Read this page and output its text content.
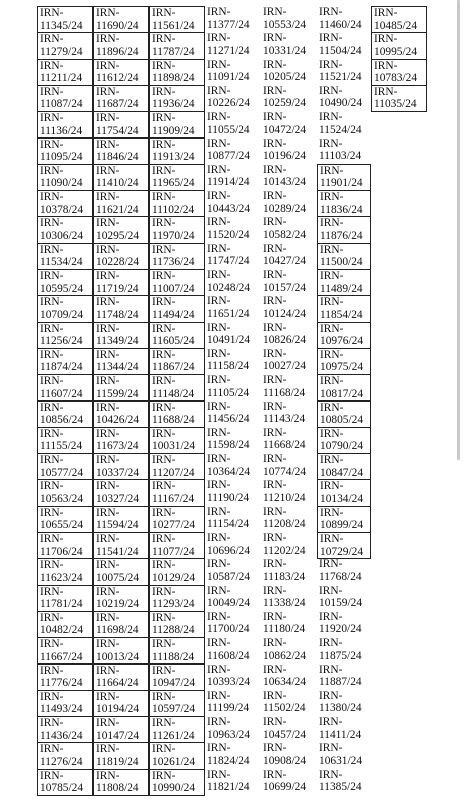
IRN-
11345/24
IRN-
11279/24
IRN-
11211/24
IRN-
11087/24
IRN-
11136/24
IRN-
11095/24
IRN-
11090/24
IRN-
10378/24
IRN-
10306/24
IRN-
11534/24
IRN-
10595/24
IRN-
10709/24
IRN-
11256/24
IRN-
11874/24
IRN-
11607/24
IRN-
10856/24
IRN-
11155/24
IRN-
10577/24
IRN-
10563/24
IRN-
10655/24
IRN-
11706/24
IRN-
11623/24
IRN-
11781/24
IRN-
10482/24
IRN-
11667/24
IRN-
11776/24
IRN-
11493/24
IRN-
11436/24
IRN-
11276/24
IRN-
10785/24
IRN-
11690/24
IRN-
11896/24
IRN-
11612/24
IRN-
11687/24
IRN-
11754/24
IRN-
11846/24
IRN-
11410/24
IRN-
11621/24
IRN-
10295/24
IRN-
10228/24
IRN-
11719/24
IRN-
11748/24
IRN-
11349/24
IRN-
11344/24
IRN-
11599/24
IRN-
10426/24
IRN-
11673/24
IRN-
10337/24
IRN-
10327/24
IRN-
11594/24
IRN-
11541/24
IRN-
10075/24
IRN-
10219/24
IRN-
11698/24
IRN-
10013/24
IRN-
11664/24
IRN-
10194/24
IRN-
10147/24
IRN-
11819/24
IRN-
11808/24
IRN-
11561/24
IRN-
11787/24
IRN-
11898/24
IRN-
11936/24
IRN-
11909/24
IRN-
11913/24
IRN-
11965/24
IRN-
11102/24
IRN-
11970/24
IRN-
11736/24
IRN-
11007/24
IRN-
11494/24
IRN-
11605/24
IRN-
11867/24
IRN-
11148/24
IRN-
11688/24
IRN-
10031/24
IRN-
11207/24
IRN-
11167/24
IRN-
10277/24
IRN-
11077/24
IRN-
10129/24
IRN-
11293/24
IRN-
11288/24
IRN-
11188/24
IRN-
10947/24
IRN-
10597/24
IRN-
11261/24
IRN-
10261/24
IRN-
10990/24
IRN-
11377/24
IRN-
11271/24
IRN-
11091/24
IRN-
10226/24
IRN-
11055/24
IRN-
10877/24
IRN-
11914/24
IRN-
10443/24
IRN-
11520/24
IRN-
11747/24
IRN-
10248/24
IRN-
11651/24
IRN-
10491/24
IRN-
11158/24
IRN-
11105/24
IRN-
11456/24
IRN-
11598/24
IRN-
10364/24
IRN-
11190/24
IRN-
11154/24
IRN-
10696/24
IRN-
10587/24
IRN-
10049/24
IRN-
11700/24
IRN-
11608/24
IRN-
10393/24
IRN-
11199/24
IRN-
10963/24
IRN-
11824/24
IRN-
11821/24
IRN-
10553/24
IRN-
10331/24
IRN-
10205/24
IRN-
10259/24
IRN-
10472/24
IRN-
10196/24
IRN-
10143/24
IRN-
10289/24
IRN-
10582/24
IRN-
10427/24
IRN-
10157/24
IRN-
10124/24
IRN-
10826/24
IRN-
10027/24
IRN-
11168/24
IRN-
11143/24
IRN-
11668/24
IRN-
10774/24
IRN-
11210/24
IRN-
11208/24
IRN-
11202/24
IRN-
11183/24
IRN-
11338/24
IRN-
11180/24
IRN-
10862/24
IRN-
10634/24
IRN-
11502/24
IRN-
10457/24
IRN-
10908/24
IRN-
10699/24
IRN-
11460/24
IRN-
11504/24
IRN-
11521/24
IRN-
10490/24
IRN-
11524/24
IRN-
11103/24
IRN-
11901/24
IRN-
11836/24
IRN-
11876/24
IRN-
11500/24
IRN-
11489/24
IRN-
11854/24
IRN-
10976/24
IRN-
10975/24
IRN-
10817/24
IRN-
10805/24
IRN-
10790/24
IRN-
10847/24
IRN-
10134/24
IRN-
10899/24
IRN-
10729/24
IRN-
11768/24
IRN-
10159/24
IRN-
11920/24
IRN-
11875/24
IRN-
11887/24
IRN-
11380/24
IRN-
11411/24
IRN-
10631/24
IRN-
11385/24
IRN-
10485/24
IRN-
10995/24
IRN-
10783/24
IRN-
11035/24
